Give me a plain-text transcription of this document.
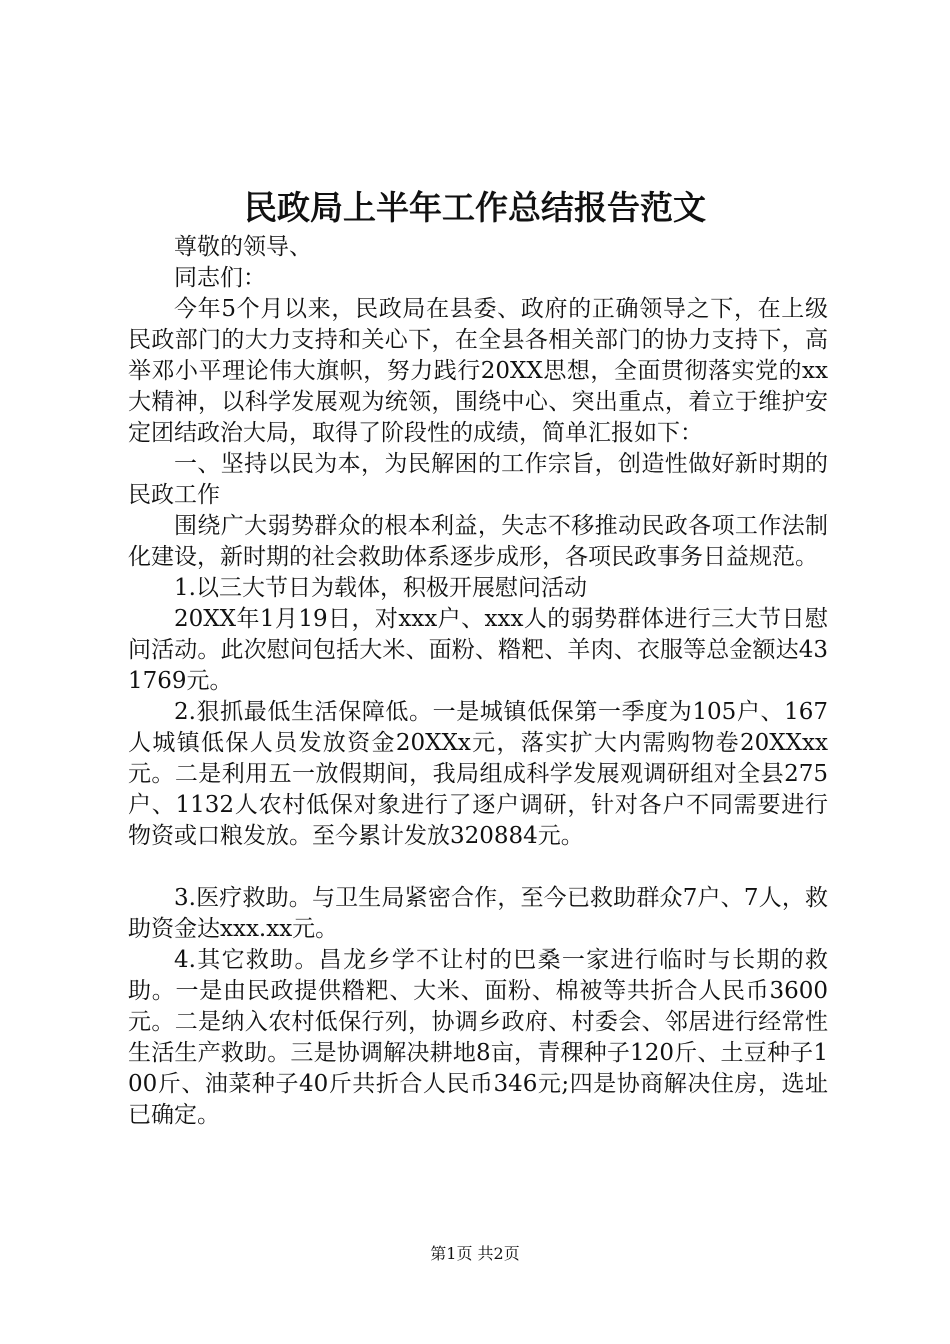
民政局上半年工作总结报告范文

尊敬的领导、

同志们：

今年5个月以来，民政局在县委、政府的正确领导之下，在上级民政部门的大力支持和关心下，在全县各相关部门的协力支持下，高举邓小平理论伟大旗帜，努力践行20XX思想，全面贯彻落实党的xx大精神，以科学发展观为统领，围绕中心、突出重点，着立于维护安定团结政治大局，取得了阶段性的成绩，简单汇报如下：

一、坚持以民为本，为民解困的工作宗旨，创造性做好新时期的民政工作

围绕广大弱势群众的根本利益，失志不移推动民政各项工作法制化建设，新时期的社会救助体系逐步成形，各项民政事务日益规范。

1.以三大节日为载体，积极开展慰问活动

20XX年1月19日，对xxx户、xxx人的弱势群体进行三大节日慰问活动。此次慰问包括大米、面粉、糌粑、羊肉、衣服等总金额达431769元。

2.狠抓最低生活保障低。一是城镇低保第一季度为105户、167人城镇低保人员发放资金20XXx元，落实扩大内需购物卷20XXxx元。二是利用五一放假期间，我局组成科学发展观调研组对全县275户、1132人农村低保对象进行了逐户调研，针对各户不同需要进行物资或口粮发放。至今累计发放320884元。

3.医疗救助。与卫生局紧密合作，至今已救助群众7户、7人，救助资金达xxx.xx元。

4.其它救助。昌龙乡学不让村的巴桑一家进行临时与长期的救助。一是由民政提供糌粑、大米、面粉、棉被等共折合人民币3600元。二是纳入农村低保行列，协调乡政府、村委会、邻居进行经常性生活生产救助。三是协调解决耕地8亩，青稞种子120斤、土豆种子100斤、油菜种子40斤共折合人民币346元;四是协商解决住房，选址已确定。

第1页 共2页
